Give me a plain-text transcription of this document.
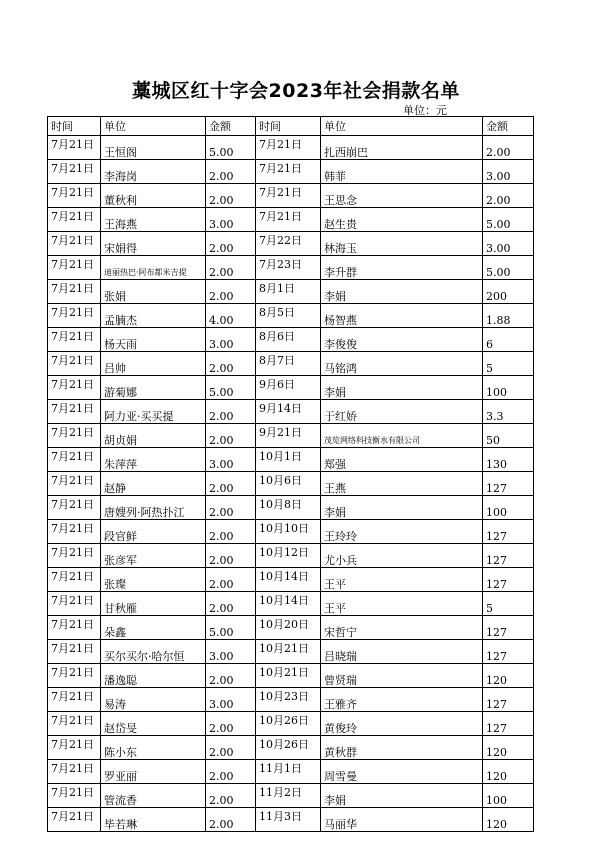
藁城区红十字会2023年社会捐款名单
单位：元
时间	单位	金额	时间	单位	金额
7月21日	王恒阁	5.00	7月21日	扎西崩巴	2.00
7月21日	李海岗	2.00	7月21日	韩菲	3.00
7月21日	董秋利	2.00	7月21日	王思念	2.00
7月21日	王海燕	3.00	7月21日	赵生贵	5.00
7月21日	宋娟得	2.00	7月22日	林海玉	3.00
7月21日	迪丽热巴·阿布都米吉提	2.00	7月23日	李升群	5.00
7月21日	张娟	2.00	8月1日	李娟	200
7月21日	孟腩杰	4.00	8月5日	杨智燕	1.88
7月21日	杨天雨	3.00	8月6日	李俊俊	6
7月21日	吕帅	2.00	8月7日	马铭鸿	5
7月21日	游菊娜	5.00	9月6日	李娟	100
7月21日	阿力亚·买买提	2.00	9月14日	于红娇	3.3
7月21日	胡贞娟	2.00	9月21日	茂览网络科技衡水有限公司	50
7月21日	朱萍萍	3.00	10月1日	郑强	130
7月21日	赵静	2.00	10月6日	王燕	127
7月21日	唐嫂列·阿热扑江	2.00	10月8日	李娟	100
7月21日	段官鲜	2.00	10月10日	王玲玲	127
7月21日	张彦军	2.00	10月12日	尤小兵	127
7月21日	张璨	2.00	10月14日	王平	127
7月21日	甘秋雁	2.00	10月14日	王平	5
7月21日	朵鑫	5.00	10月20日	宋哲宁	127
7月21日	买尔买尔·哈尔恒	3.00	10月21日	吕晓瑞	127
7月21日	潘逸聪	2.00	10月21日	曾贤瑞	120
7月21日	易涛	3.00	10月23日	王雅齐	127
7月21日	赵岱旻	2.00	10月26日	黄俊玲	127
7月21日	陈小东	2.00	10月26日	黄秋群	120
7月21日	罗亚丽	2.00	11月1日	周雪曼	120
7月21日	管流香	2.00	11月2日	李娟	100
7月21日	毕若琳	2.00	11月3日	马丽华	120
